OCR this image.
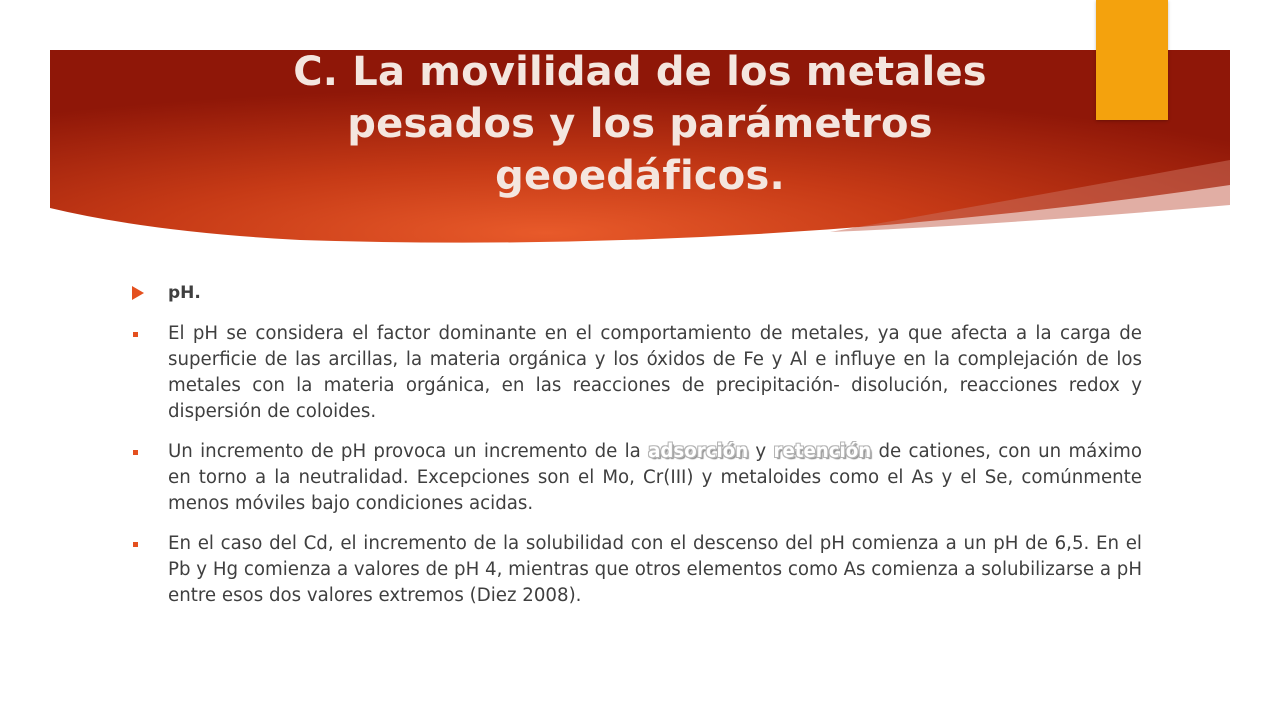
C. La movilidad de los metales pesados y los parámetros geoedáficos.
pH.
El pH se considera el factor dominante en el comportamiento de metales, ya que afecta a la carga de superficie de las arcillas, la materia orgánica y los óxidos de Fe y Al e influye en la complejación de los metales con la materia orgánica, en las reacciones de precipitación- disolución, reacciones redox y dispersión de coloides.
Un incremento de pH provoca un incremento de la adsorción y retención de cationes, con un máximo en torno a la neutralidad. Excepciones son el Mo, Cr(III) y metaloides como el As y el Se, comúnmente menos móviles bajo condiciones acidas.
En el caso del Cd, el incremento de la solubilidad con el descenso del pH comienza a un pH de 6,5. En el Pb y Hg comienza a valores de pH 4, mientras que otros elementos como As comienza a solubilizarse a pH entre esos dos valores extremos (Diez 2008).
